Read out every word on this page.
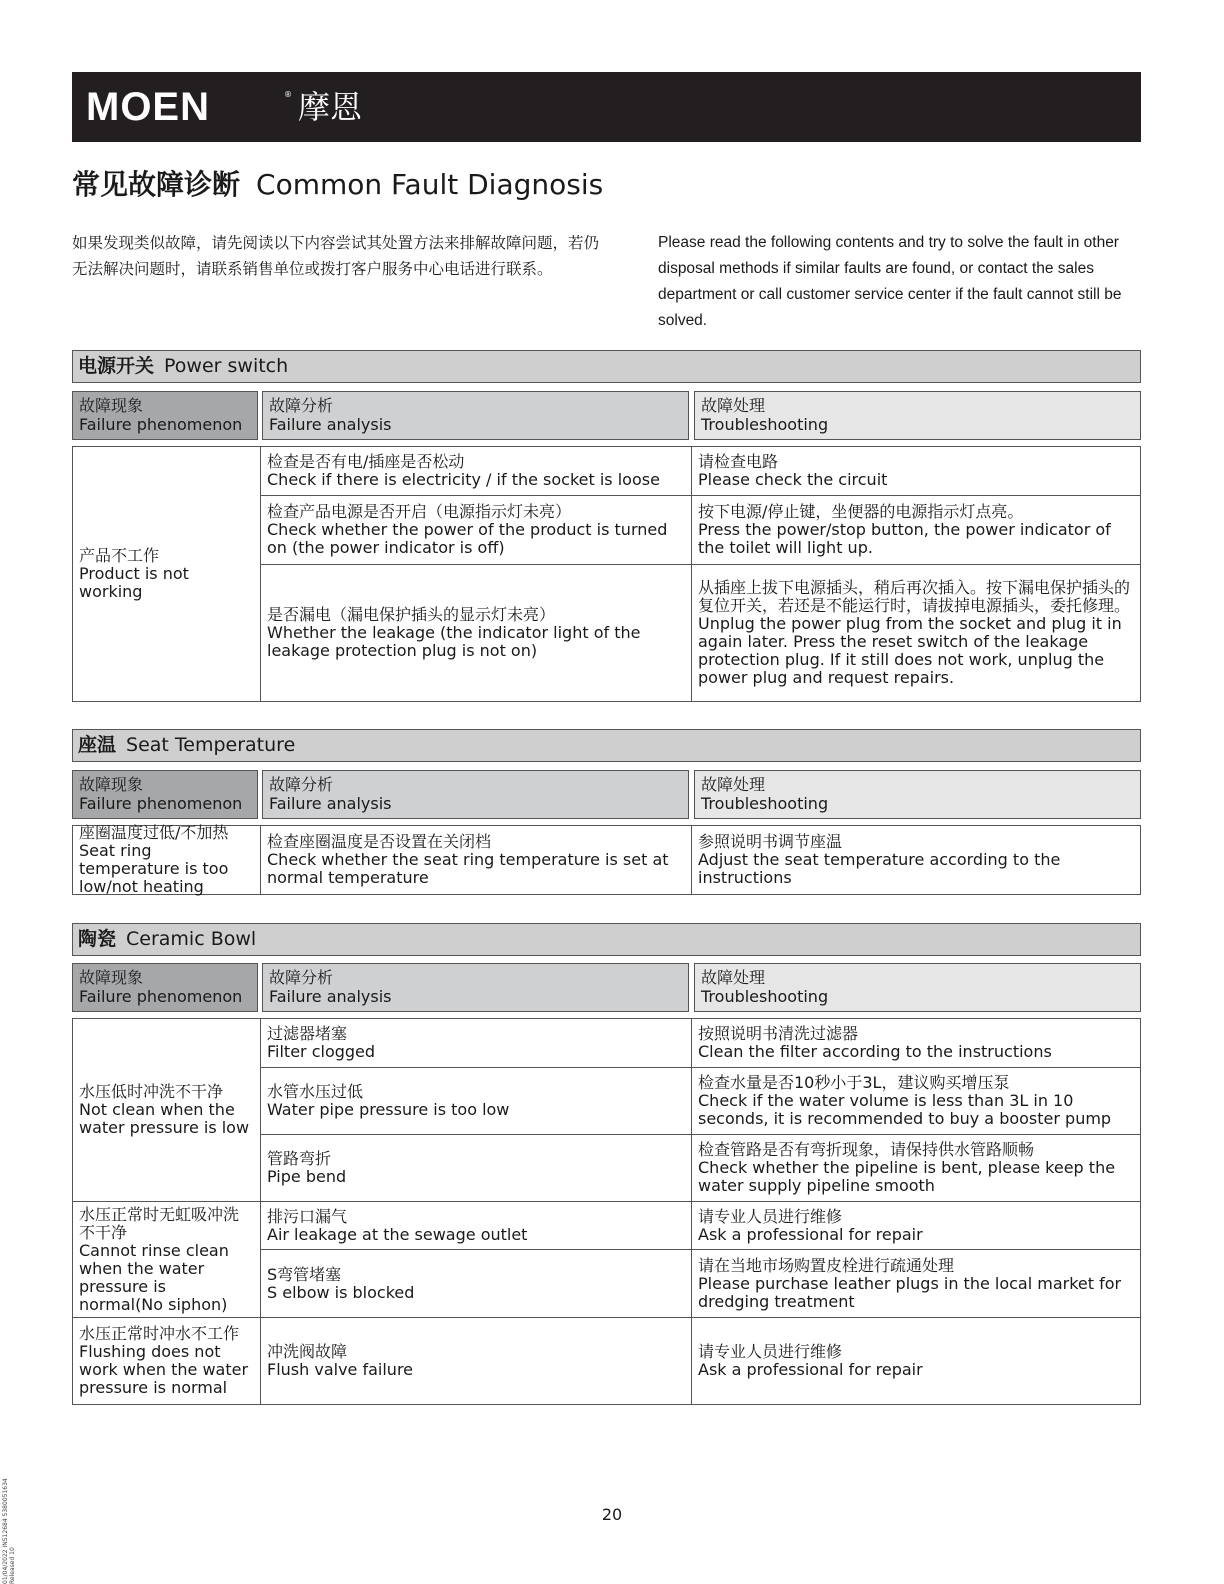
MOEN	® 摩恩
常见故障诊断 Common Fault Diagnosis
如果发现类似故障，请先阅读以下内容尝试其处置方法来排解故障问题，若仍无法解决问题时，请联系销售单位或拨打客户服务中心电话进行联系。
Please read the following contents and try to solve the fault in other disposal methods if similar faults are found, or contact the sales department or call customer service center if the fault cannot still be solved.
电源开关 Power switch
故障现象
Failure phenomenon
故障分析
Failure analysis
故障处理
Troubleshooting
产品不工作
Product is not working
检查是否有电/插座是否松动
Check if there is electricity / if the socket is loose
请检查电路
Please check the circuit
检查产品电源是否开启（电源指示灯未亮）
Check whether the power of the product is turned on (the power indicator is off)
按下电源/停止键，坐便器的电源指示灯点亮。
Press the power/stop button, the power indicator of the toilet will light up.
是否漏电（漏电保护插头的显示灯未亮）
Whether the leakage (the indicator light of the leakage protection plug is not on)
从插座上拔下电源插头，稍后再次插入。按下漏电保护插头的复位开关，若还是不能运行时，请拔掉电源插头，委托修理。
Unplug the power plug from the socket and plug it in again later. Press the reset switch of the leakage protection plug. If it still does not work, unplug the power plug and request repairs.
座温 Seat Temperature
故障现象
Failure phenomenon
故障分析
Failure analysis
故障处理
Troubleshooting
座圈温度过低/不加热
Seat ring temperature is too low/not heating
检查座圈温度是否设置在关闭档
Check whether the seat ring temperature is set at normal temperature
参照说明书调节座温
Adjust the seat temperature according to the instructions
陶瓷 Ceramic Bowl
故障现象
Failure phenomenon
故障分析
Failure analysis
故障处理
Troubleshooting
水压低时冲洗不干净
Not clean when the water pressure is low
过滤器堵塞
Filter clogged
按照说明书清洗过滤器
Clean the filter according to the instructions
水管水压过低
Water pipe pressure is too low
检查水量是否10秒小于3L，建议购买增压泵
Check if the water volume is less than 3L in 10 seconds, it is recommended to buy a booster pump
管路弯折
Pipe bend
检查管路是否有弯折现象，请保持供水管路顺畅
Check whether the pipeline is bent, please keep the water supply pipeline smooth
水压正常时无虹吸冲洗不干净
Cannot rinse clean when the water pressure is normal(No siphon)
排污口漏气
Air leakage at the sewage outlet
请专业人员进行维修
Ask a professional for repair
S弯管堵塞
S elbow is blocked
请在当地市场购置皮栓进行疏通处理
Please purchase leather plugs in the local market for dredging treatment
水压正常时冲水不工作
Flushing does not work when the water pressure is normal
冲洗阀故障
Flush valve failure
请专业人员进行维修
Ask a professional for repair
20
01/04/2022 INS12684 5380051634 Released 10
